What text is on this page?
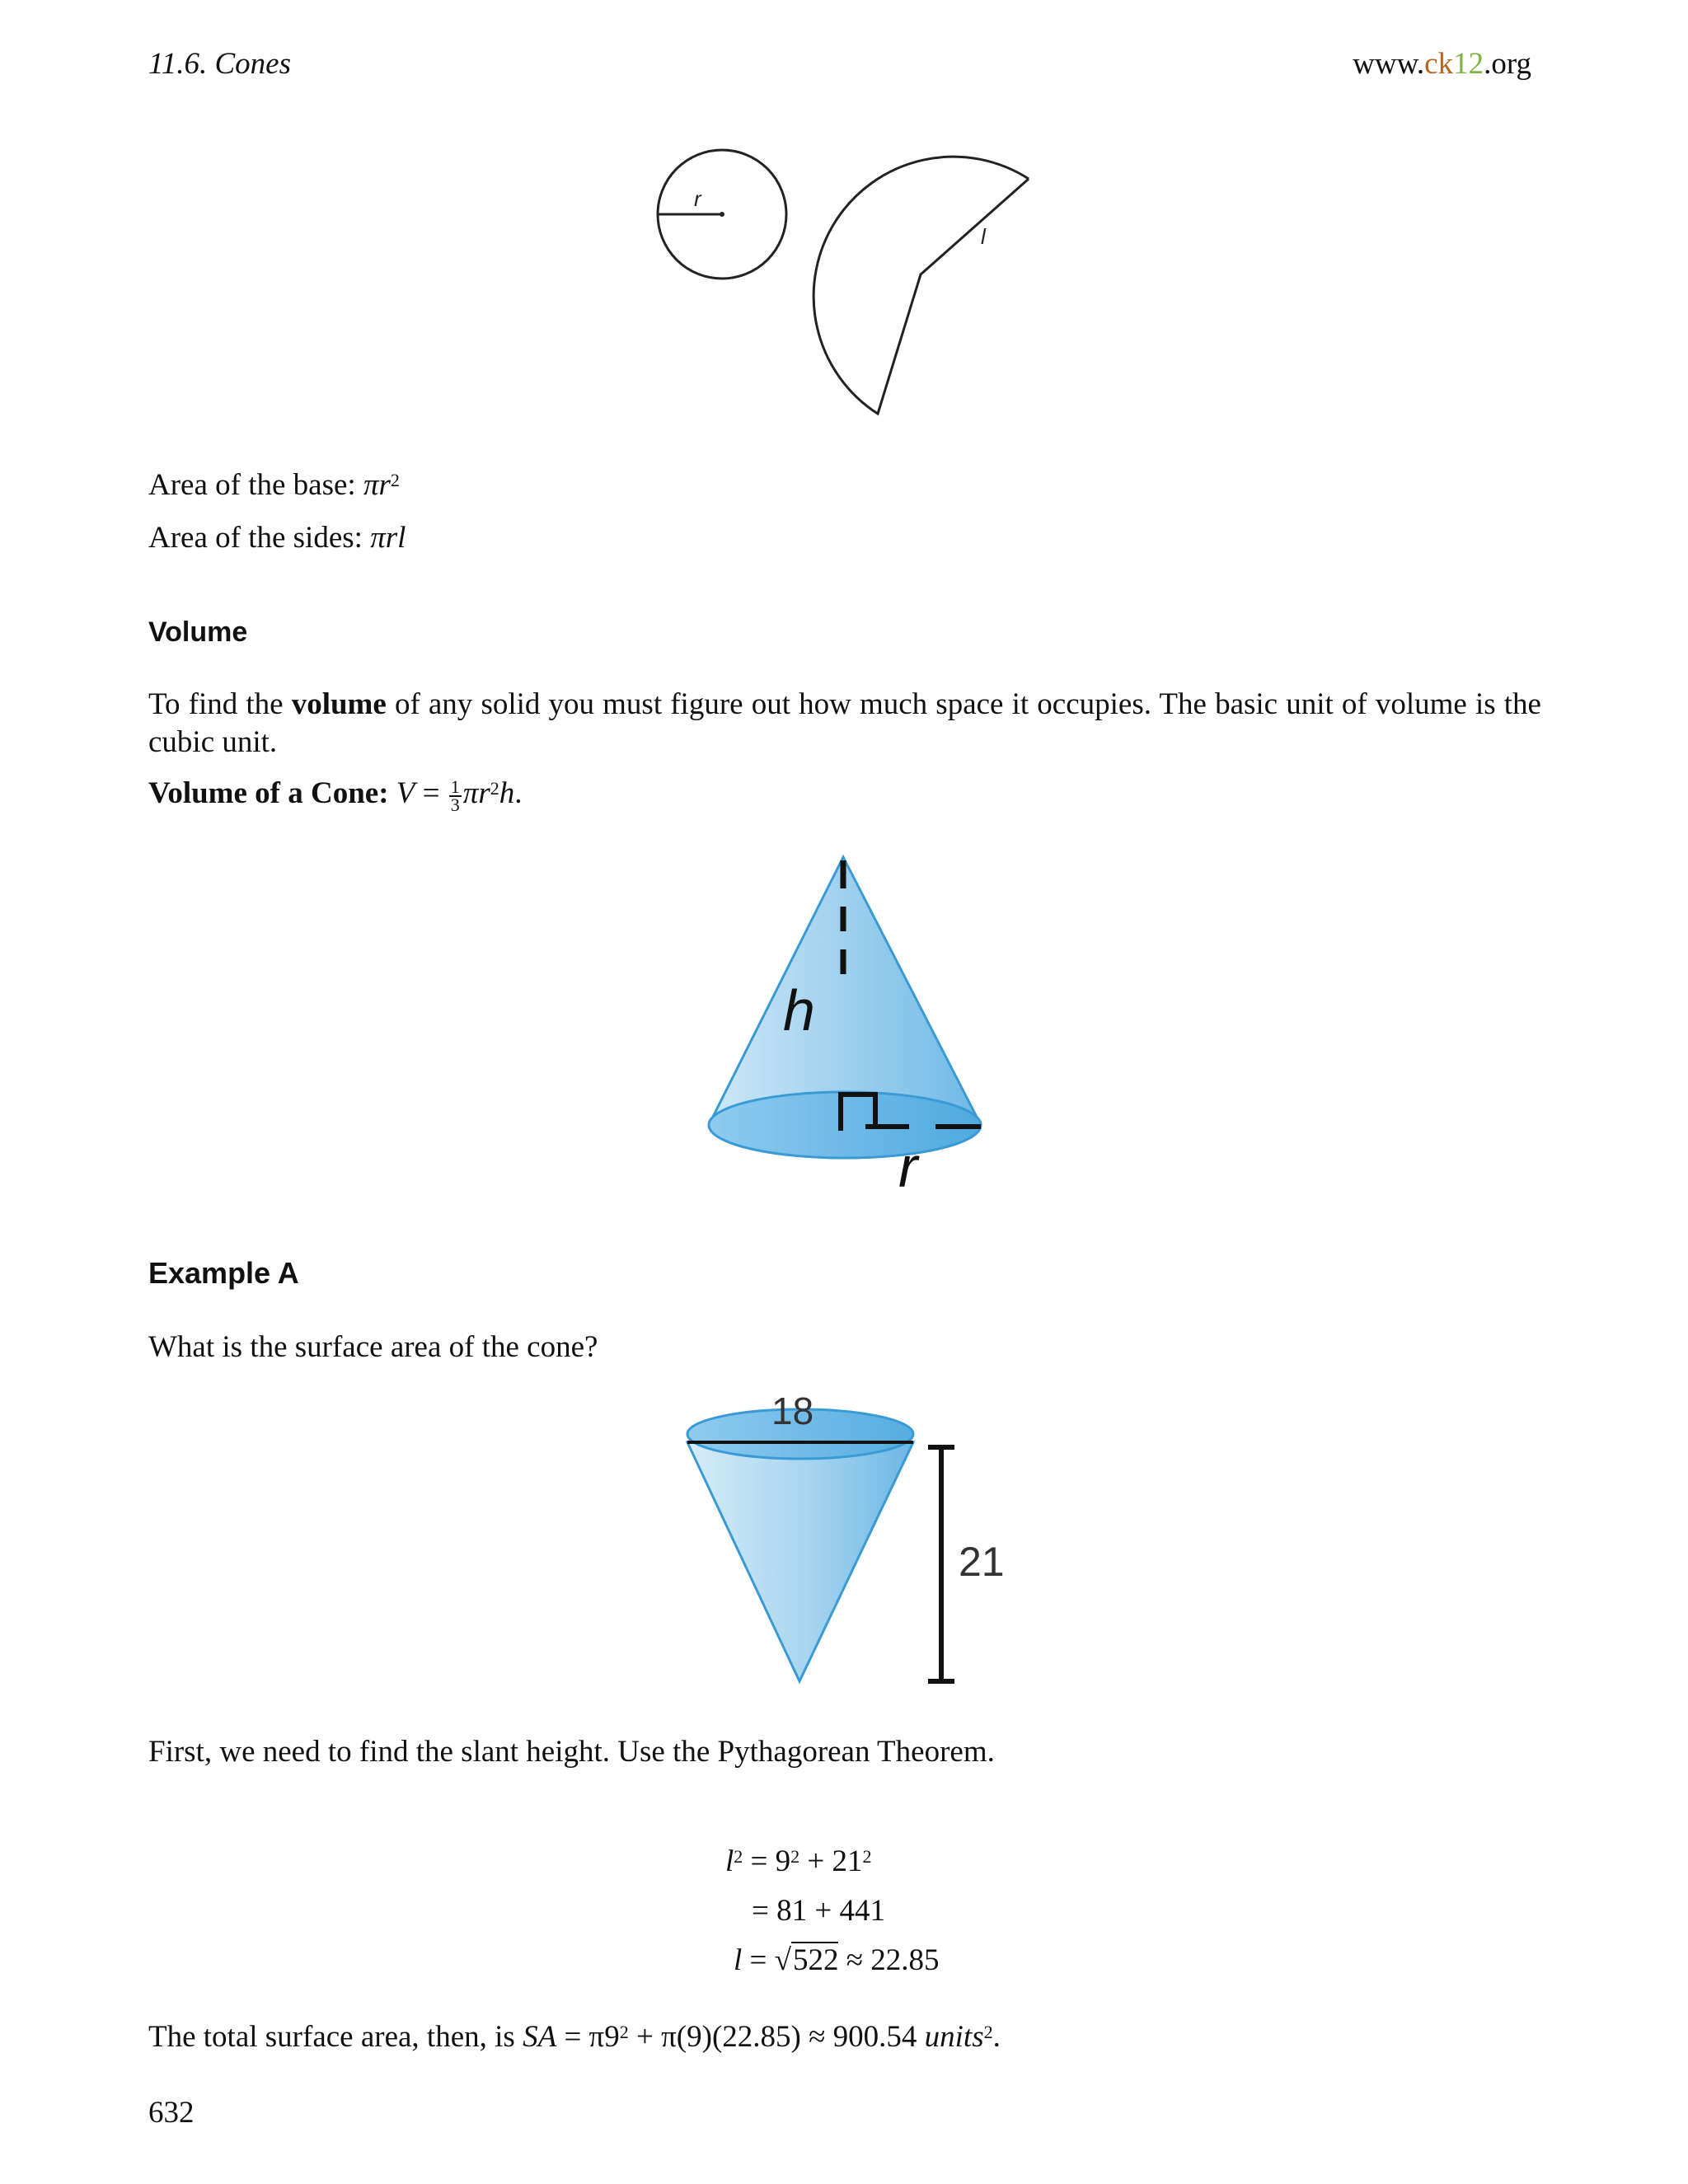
11.6. Cones	www.ck12.org
r
l
Area of the base: $\pi r^2$
Area of the sides: πrl
Volume
To find the volume of any solid you must figure out how much space it occupies. The basic unit of volume is the cubic unit.
Volume of a Cone: $V = \frac{1}{3} \pi r^2h$.
h
r
Example A
What is the surface area of the cone?
18
21
First, we need to find the slant height. Use the Pythagorean Theorem.
$l^2 = 9^2 + 21^2$
= 81 + 441
l = √522 ≈ 22.85
The total surface area, then, is SA = $\pi 9^2 + \pi(9)(22.85) \approx 900.54$ units$^2$.
632
